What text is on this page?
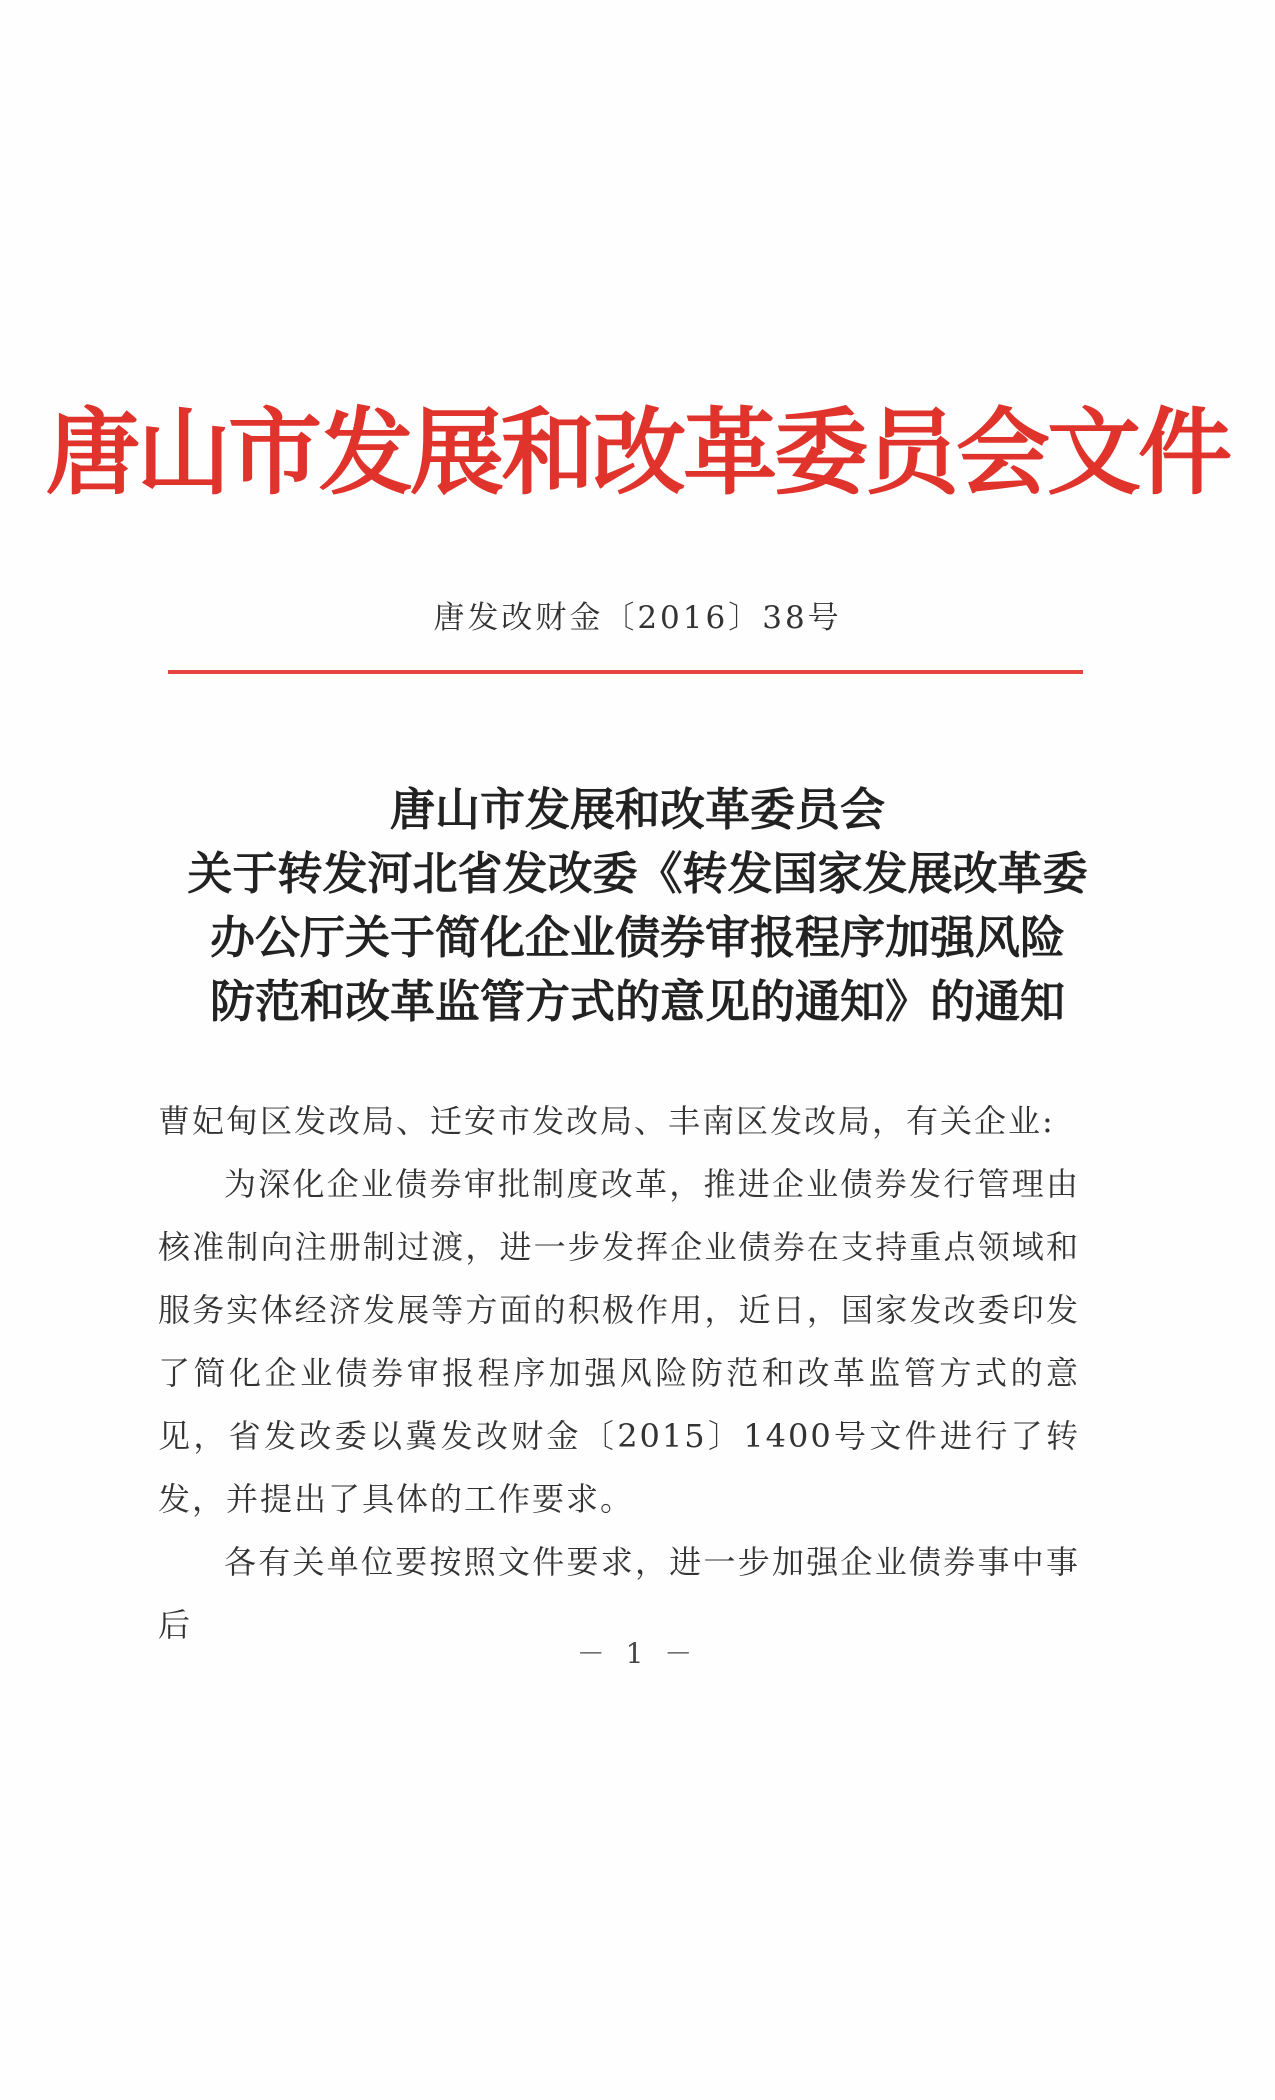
唐山市发展和改革委员会文件
唐发改财金〔2016〕38号
唐山市发展和改革委员会
关于转发河北省发改委《转发国家发展改革委
办公厅关于简化企业债券审报程序加强风险
防范和改革监管方式的意见的通知》的通知

曹妃甸区发改局、迁安市发改局、丰南区发改局，有关企业:

为深化企业债券审批制度改革，推进企业债券发行管理由核准制向注册制过渡，进一步发挥企业债券在支持重点领域和服务实体经济发展等方面的积极作用，近日，国家发改委印发了简化企业债券审报程序加强风险防范和改革监管方式的意见，省发改委以冀发改财金〔2015〕1400号文件进行了转发，并提出了具体的工作要求。

各有关单位要按照文件要求，进一步加强企业债券事中事后

－ 1 －
